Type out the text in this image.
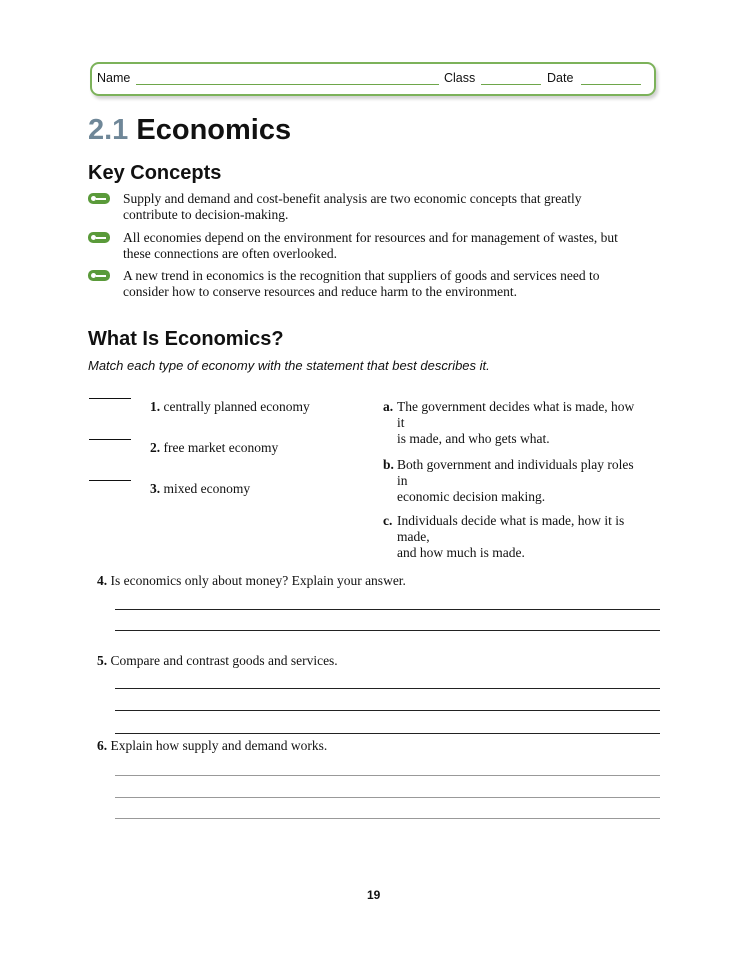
Name	Class	Date
2.1 Economics
Key Concepts
Supply and demand and cost-benefit analysis are two economic concepts that greatly contribute to decision-making.
All economies depend on the environment for resources and for management of wastes, but these connections are often overlooked.
A new trend in economics is the recognition that suppliers of goods and services need to consider how to conserve resources and reduce harm to the environment.
What Is Economics?
Match each type of economy with the statement that best describes it.
1. centrally planned economy
2. free market economy
3. mixed economy
a. The government decides what is made, how
it
is made, and who gets what.
b. Both government and individuals play roles
in
economic decision making.
c. Individuals decide what is made, how it is
made,
and how much is made.
4. Is economics only about money? Explain your answer.
5. Compare and contrast goods and services.
6. Explain how supply and demand works.
19
